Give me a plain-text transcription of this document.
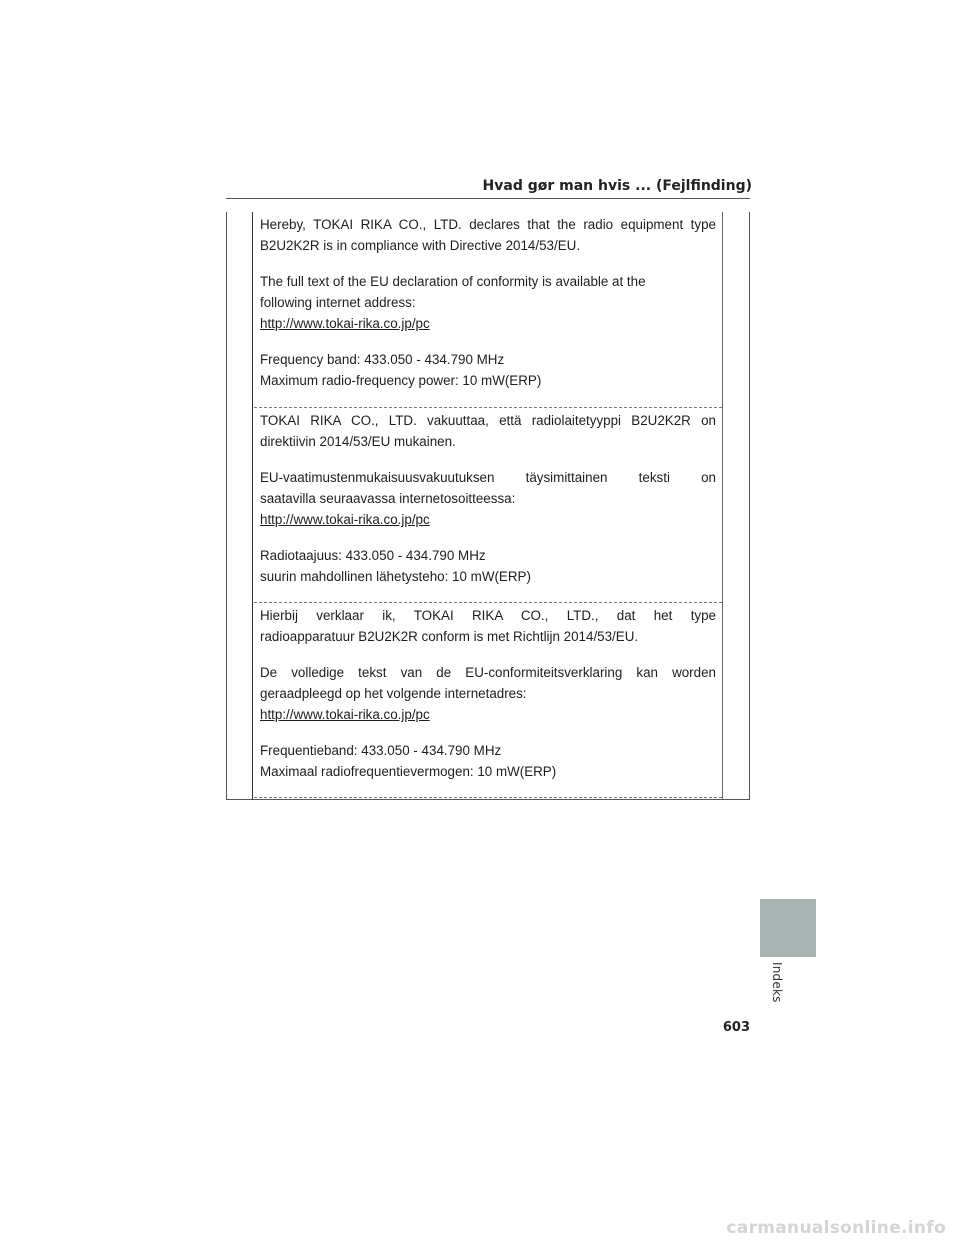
Hvad gør man hvis ... (Fejlfinding)

Hereby, TOKAI RIKA CO., LTD. declares that the radio equipment type

B2U2K2R is in compliance with Directive 2014/53/EU.

The full text of the EU declaration of conformity is available at the

following internet address:

http://www.tokai-rika.co.jp/pc

Frequency band: 433.050 - 434.790 MHz

Maximum radio-frequency power: 10 mW(ERP)

TOKAI RIKA CO., LTD. vakuuttaa, että radiolaitetyyppi B2U2K2R on

direktiivin 2014/53/EU mukainen.

EU-vaatimustenmukaisuusvakuutuksen täysimittainen teksti on

saatavilla seuraavassa internetosoitteessa:

http://www.tokai-rika.co.jp/pc

Radiotaajuus: 433.050 - 434.790 MHz

suurin mahdollinen lähetysteho: 10 mW(ERP)

Hierbij verklaar ik, TOKAI RIKA CO., LTD., dat het type

radioapparatuur B2U2K2R conform is met Richtlijn 2014/53/EU.

De volledige tekst van de EU-conformiteitsverklaring kan worden

geraadpleegd op het volgende internetadres:

http://www.tokai-rika.co.jp/pc

Frequentieband: 433.050 - 434.790 MHz

Maximaal radiofrequentievermogen: 10 mW(ERP)

Indeks
603
carmanualsonline.info
